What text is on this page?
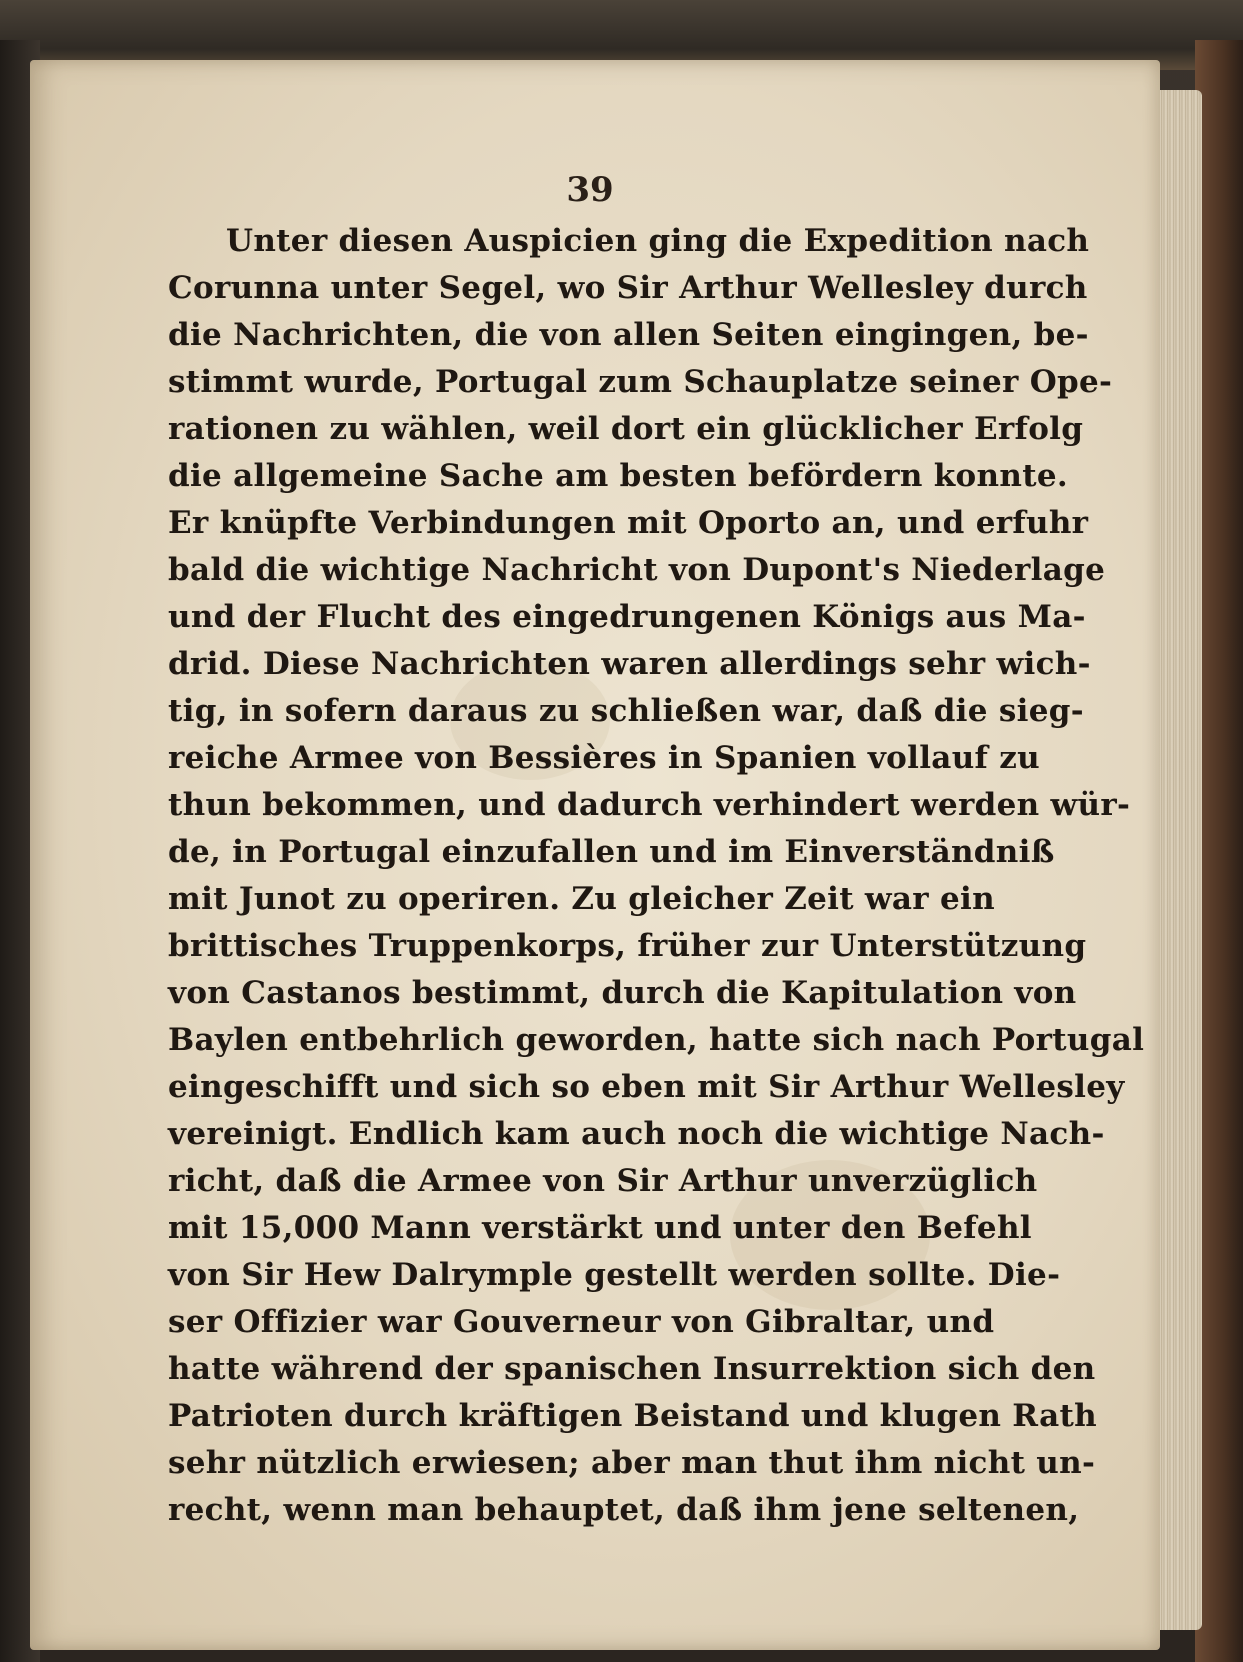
39
Unter diesen Auspicien ging die Expedition nach
Corunna unter Segel, wo Sir Arthur Wellesley durch
die Nachrichten, die von allen Seiten eingingen, be-
stimmt wurde, Portugal zum Schauplatze seiner Ope-
rationen zu wählen, weil dort ein glücklicher Erfolg
die allgemeine Sache am besten befördern konnte.
Er knüpfte Verbindungen mit Oporto an, und erfuhr
bald die wichtige Nachricht von Dupont's Niederlage
und der Flucht des eingedrungenen Königs aus Ma-
drid. Diese Nachrichten waren allerdings sehr wich-
tig, in sofern daraus zu schließen war, daß die sieg-
reiche Armee von Bessières in Spanien vollauf zu
thun bekommen, und dadurch verhindert werden wür-
de, in Portugal einzufallen und im Einverständniß
mit Junot zu operiren. Zu gleicher Zeit war ein
brittisches Truppenkorps, früher zur Unterstützung
von Castanos bestimmt, durch die Kapitulation von
Baylen entbehrlich geworden, hatte sich nach Portugal
eingeschifft und sich so eben mit Sir Arthur Wellesley
vereinigt. Endlich kam auch noch die wichtige Nach-
richt, daß die Armee von Sir Arthur unverzüglich
mit 15,000 Mann verstärkt und unter den Befehl
von Sir Hew Dalrymple gestellt werden sollte. Die-
ser Offizier war Gouverneur von Gibraltar, und
hatte während der spanischen Insurrektion sich den
Patrioten durch kräftigen Beistand und klugen Rath
sehr nützlich erwiesen; aber man thut ihm nicht un-
recht, wenn man behauptet, daß ihm jene seltenen,
